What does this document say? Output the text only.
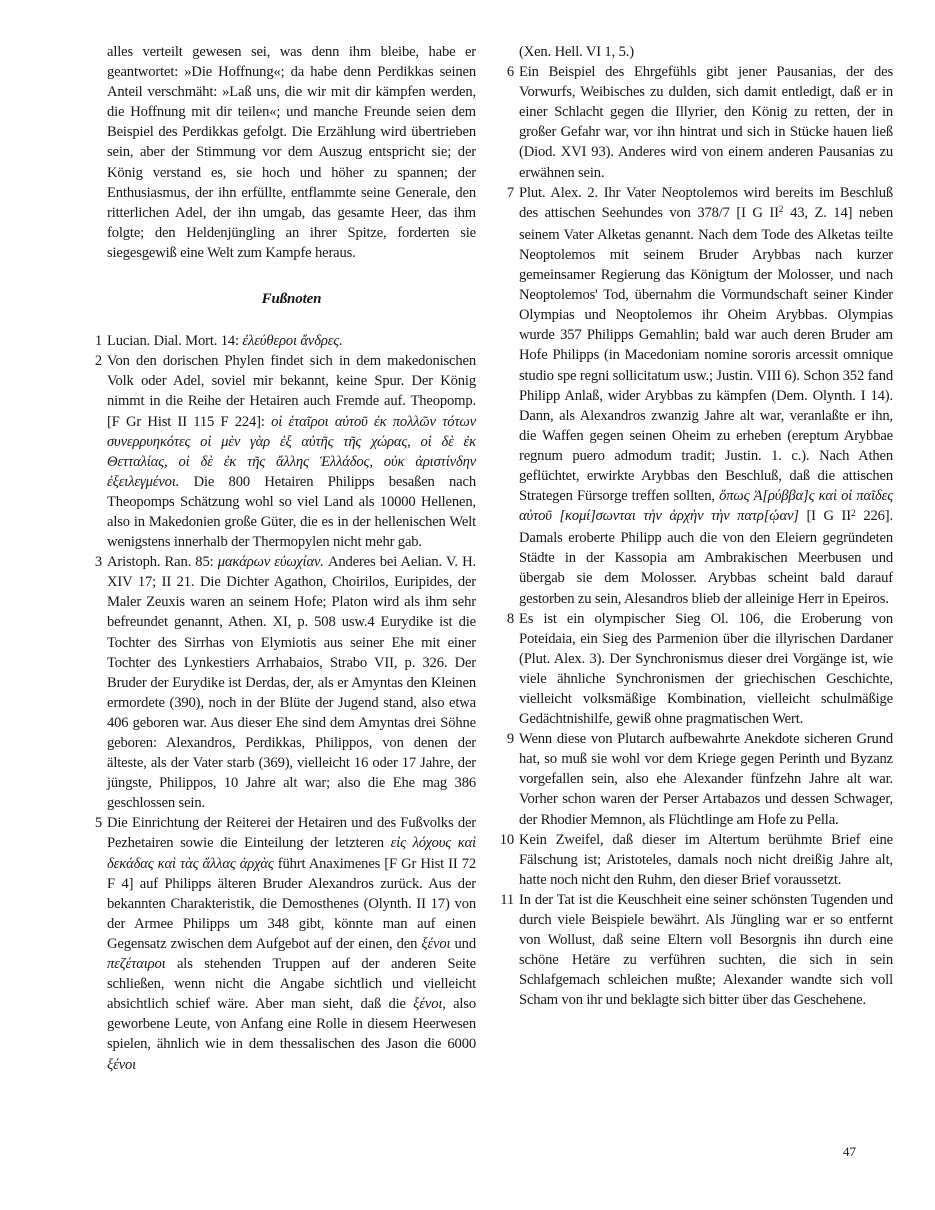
alles verteilt gewesen sei, was denn ihm bleibe, habe er geantwortet: »Die Hoffnung«; da habe denn Perdikkas seinen Anteil verschmäht: »Laß uns, die wir mit dir kämpfen werden, die Hoffnung mit dir teilen«; und manche Freunde seien dem Beispiel des Perdikkas gefolgt. Die Erzählung wird übertrieben sein, aber der Stimmung vor dem Auszug entspricht sie; der König verstand es, sie hoch und höher zu spannen; der Enthusiasmus, der ihn erfüllte, entflammte seine Generale, den ritterlichen Adel, der ihn umgab, das gesamte Heer, das ihm folgte; den Heldenjüngling an ihrer Spitze, forderten sie siegesgewiß eine Welt zum Kampfe heraus.

Fußnoten
1 Lucian. Dial. Mort. 14: ἐλεύθεροι ἄνδρες.
2 Von den dorischen Phylen findet sich in dem makedonischen Volk oder Adel, soviel mir bekannt, keine Spur. Der König nimmt in die Reihe der Hetairen auch Fremde auf. Theopomp. [F Gr Hist II 115 F 224]: οἱ ἑταῖροι αὐτοῦ ἐκ πολλῶν τότων συνερρυηκότες οἱ μὲν γὰρ ἐξ αὐτῆς τῆς χώρας, οἱ δὲ ἐκ Θετταλίας, οἱ δὲ ἐκ τῆς ἄλλης Ἑλλάδος, οὐκ ἀριστίνδην ἐξειλεγμένοι. Die 800 Hetairen Philipps besaßen nach Theopomps Schätzung wohl so viel Land als 10000 Hellenen, also in Makedonien große Güter, die es in der hellenischen Welt wenigstens innerhalb der Thermopylen nicht mehr gab.
3 Aristoph. Ran. 85: μακάρων εὐωχίαν. Anderes bei Aelian. V. H. XIV 17; II 21. Die Dichter Agathon, Choirilos, Euripides, der Maler Zeuxis waren an seinem Hofe; Platon wird als ihm sehr befreundet genannt, Athen. XI, p. 508 usw.4 Eurydike ist die Tochter des Sirrhas von Elymiotis aus seiner Ehe mit einer Tochter des Lynkestiers Arrhabaios, Strabo VII, p. 326. Der Bruder der Eurydike ist Derdas, der, als er Amyntas den Kleinen ermordete (390), noch in der Blüte der Jugend stand, also etwa 406 geboren war. Aus dieser Ehe sind dem Amyntas drei Söhne geboren: Alexandros, Perdikkas, Philippos, von denen der älteste, als der Vater starb (369), vielleicht 16 oder 17 Jahre, der jüngste, Philippos, 10 Jahre alt war; also die Ehe mag 386 geschlossen sein.
5 Die Einrichtung der Reiterei der Hetairen und des Fußvolks der Pezhetairen sowie die Einteilung der letzteren εἰς λόχους καὶ δεκάδας καὶ τὰς ἄλλας ἀρχὰς führt Anaximenes [F Gr Hist II 72 F 4] auf Philipps älteren Bruder Alexandros zurück. Aus der bekannten Charakteristik, die Demosthenes (Olynth. II 17) von der Armee Philipps um 348 gibt, könnte man auf einen Gegensatz zwischen dem Aufgebot auf der einen, den ξένοι und πεζέταιροι als stehenden Truppen auf der anderen Seite schließen, wenn nicht die Angabe sichtlich und vielleicht absichtlich schief wäre. Aber man sieht, daß die ξένοι, also geworbene Leute, von Anfang eine Rolle in diesem Heerwesen spielen, ähnlich wie in dem thessalischen des Jason die 6000 ξένοι

(Xen. Hell. VI 1, 5.)

6 Ein Beispiel des Ehrgefühls gibt jener Pausanias, der des Vorwurfs, Weibisches zu dulden, sich damit entledigt, daß er in einer Schlacht gegen die Illyrier, den König zu retten, der in großer Gefahr war, vor ihn hintrat und sich in Stücke hauen ließ (Diod. XVI 93). Anderes wird von einem anderen Pausanias zu erwähnen sein.
7 Plut. Alex. 2. Ihr Vater Neoptolemos wird bereits im Beschluß des attischen Seehundes von 378/7 [I G $II^2$ 43, Z. 14] neben seinem Vater Alketas genannt. Nach dem Tode des Alketas teilte Neoptolemos mit seinem Bruder Arybbas nach kurzer gemeinsamer Regierung das Königtum der Molosser, und nach Neoptolemos' Tod, übernahm die Vormundschaft seiner Kinder Olympias und Neoptolemos ihr Oheim Arybbas. Olympias wurde 357 Philipps Gemahlin; bald war auch deren Bruder am Hofe Philipps (in Macedoniam nomine sororis arcessit omnique studio spe regni sollicitatum usw.; Justin. VIII 6). Schon 352 fand Philipp Anlaß, wider Arybbas zu kämpfen (Dem. Olynth. I 14). Dann, als Alexandros zwanzig Jahre alt war, veranlaßte er ihn, die Waffen gegen seinen Oheim zu erheben (ereptum Arybbae regnum puero admodum tradit; Justin. 1. c.). Nach Athen geflüchtet, erwirkte Arybbas den Beschluß, daß die attischen Strategen Fürsorge treffen sollten, ὅπως Ἀ[ρύββα]ς καὶ οἱ παῖδες αὐτοῦ [κομί]σωνται τὴν ἀρχὴν τὴν πατρ[ῴαν] [I G $II^2$ 226]. Damals eroberte Philipp auch die von den Eleiern gegründeten Städte in der Kassopia am Ambrakischen Meerbusen und übergab sie dem Molosser. Arybbas scheint bald darauf gestorben zu sein, Alesandros blieb der alleinige Herr in Epeiros.
8 Es ist ein olympischer Sieg Ol. 106, die Eroberung von Poteidaia, ein Sieg des Parmenion über die illyrischen Dardaner (Plut. Alex. 3). Der Synchronismus dieser drei Vorgänge ist, wie viele ähnliche Synchronismen der griechischen Geschichte, vielleicht volksmäßige Kombination, vielleicht schulmäßige Gedächtnishilfe, gewiß ohne pragmatischen Wert.
9 Wenn diese von Plutarch aufbewahrte Anekdote sicheren Grund hat, so muß sie wohl vor dem Kriege gegen Perinth und Byzanz vorgefallen sein, also ehe Alexander fünfzehn Jahre alt war. Vorher schon waren der Perser Artabazos und dessen Schwager, der Rhodier Memnon, als Flüchtlinge am Hofe zu Pella.
10 Kein Zweifel, daß dieser im Altertum berühmte Brief eine Fälschung ist; Aristoteles, damals noch nicht dreißig Jahre alt, hatte noch nicht den Ruhm, den dieser Brief voraussetzt.
11 In der Tat ist die Keuschheit eine seiner schönsten Tugenden und durch viele Beispiele bewährt. Als Jüngling war er so entfernt von Wollust, daß seine Eltern voll Besorgnis ihn durch eine schöne Hetäre zu verführen suchten, die sich in sein Schlafgemach schleichen mußte; Alexander wandte sich voll Scham von ihr und beklagte sich bitter über das Geschehene.
47
